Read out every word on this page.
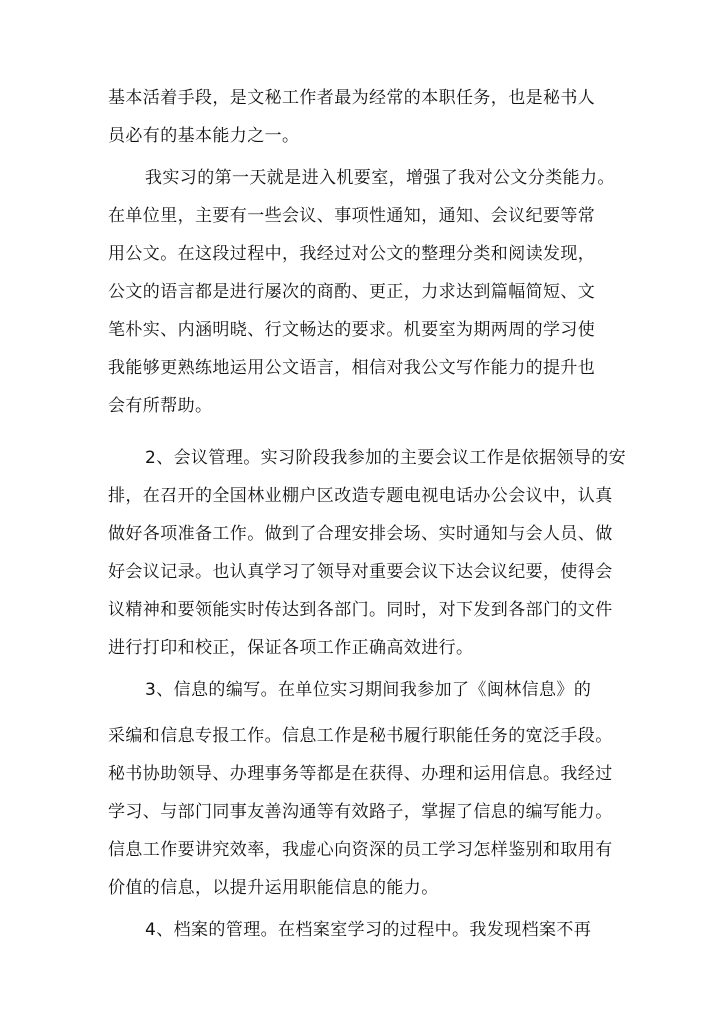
基本活着手段，是文秘工作者最为经常的本职任务，也是秘书人
员必有的基本能力之一。
我实习的第一天就是进入机要室，增强了我对公文分类能力。
在单位里，主要有一些会议、事项性通知，通知、会议纪要等常
用公文。在这段过程中，我经过对公文的整理分类和阅读发现，
公文的语言都是进行屡次的商酌、更正，力求达到篇幅简短、文
笔朴实、内涵明晓、行文畅达的要求。机要室为期两周的学习使
我能够更熟练地运用公文语言，相信对我公文写作能力的提升也
会有所帮助。
2、会议管理。实习阶段我参加的主要会议工作是依据领导的安
排，在召开的全国林业棚户区改造专题电视电话办公会议中，认真
做好各项准备工作。做到了合理安排会场、实时通知与会人员、做
好会议记录。也认真学习了领导对重要会议下达会议纪要，使得会
议精神和要领能实时传达到各部门。同时，对下发到各部门的文件
进行打印和校正，保证各项工作正确高效进行。
3、信息的编写。在单位实习期间我参加了《闽林信息》的
采编和信息专报工作。信息工作是秘书履行职能任务的宽泛手段。
秘书协助领导、办理事务等都是在获得、办理和运用信息。我经过
学习、与部门同事友善沟通等有效路子，掌握了信息的编写能力。
信息工作要讲究效率，我虚心向资深的员工学习怎样鉴别和取用有
价值的信息，以提升运用职能信息的能力。
4、档案的管理。在档案室学习的过程中。我发现档案不再
